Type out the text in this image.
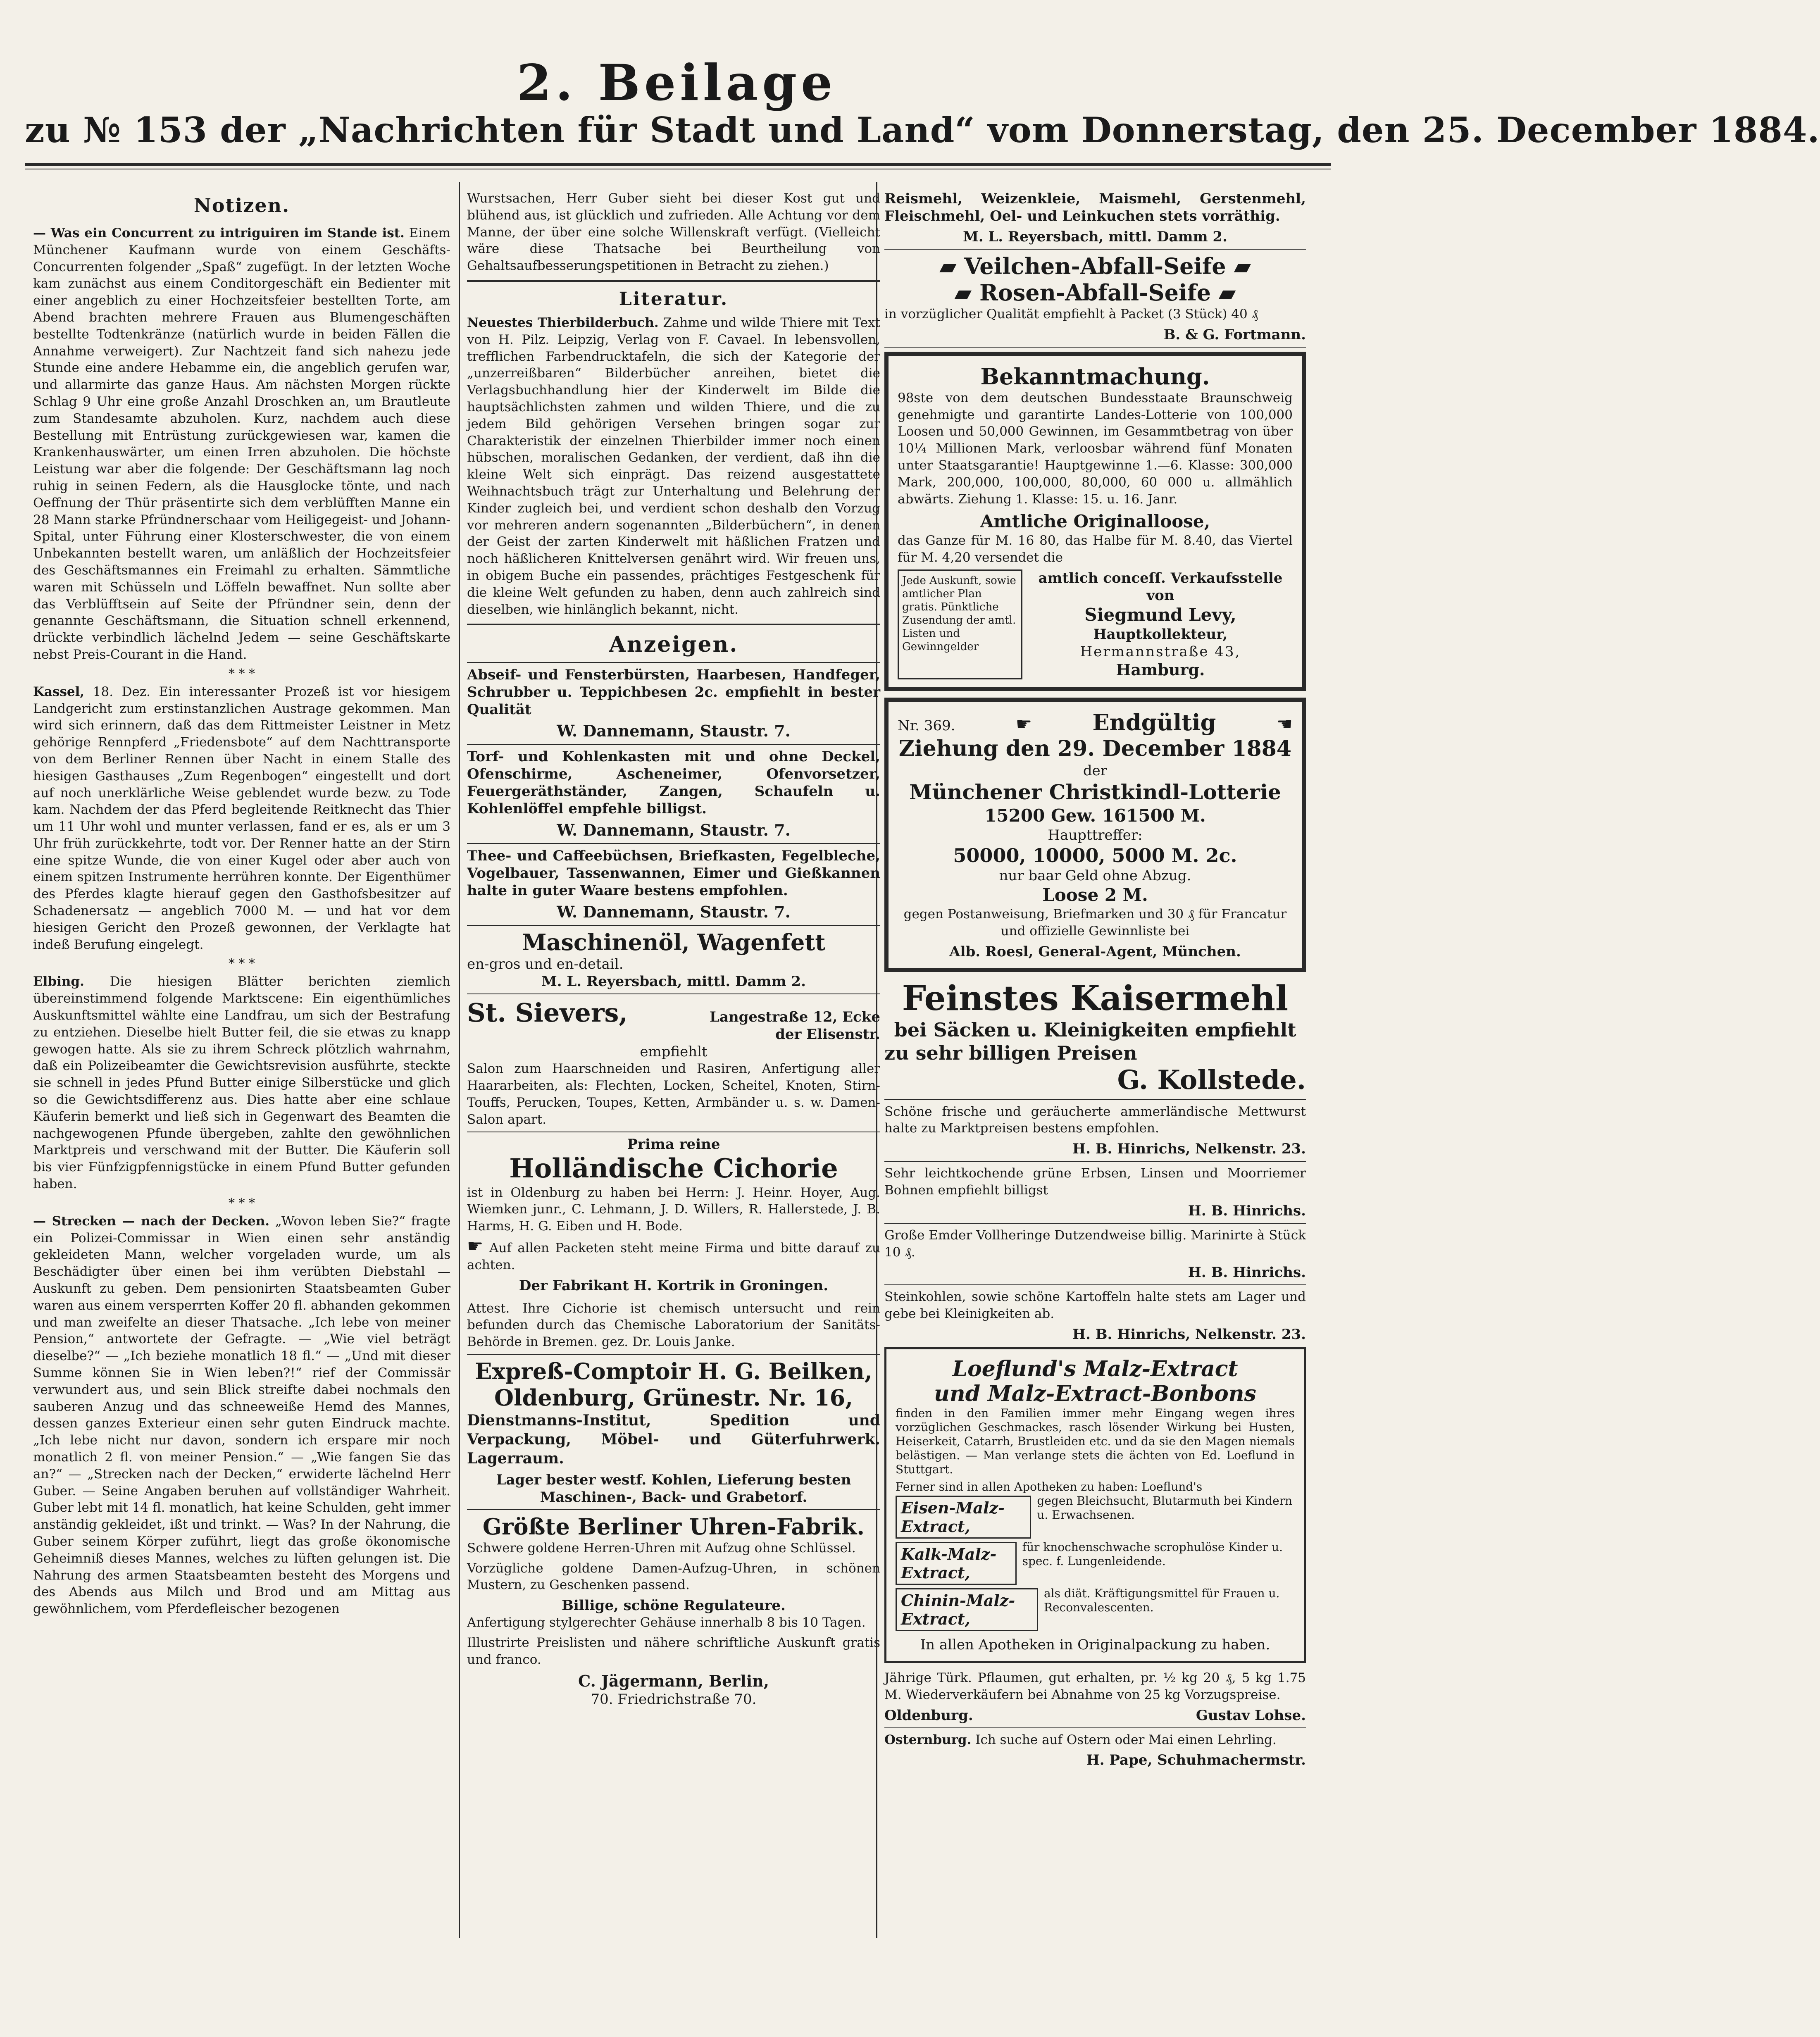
2. Beilage
zu № 153 der „Nachrichten für Stadt und Land“ vom Donnerstag, den 25. December 1884.
Notizen.

— Was ein Concurrent zu intriguiren im Stande ist. Einem Münchener Kaufmann wurde von einem Geschäfts-Concurrenten folgender „Spaß“ zugefügt. In der letzten Woche kam zunächst aus einem Conditorgeschäft ein Bedienter mit einer angeblich zu einer Hochzeitsfeier bestellten Torte, am Abend brachten mehrere Frauen aus Blumengeschäften bestellte Todtenkränze (natürlich wurde in beiden Fällen die Annahme verweigert). Zur Nachtzeit fand sich nahezu jede Stunde eine andere Hebamme ein, die angeblich gerufen war, und allarmirte das ganze Haus. Am nächsten Morgen rückte Schlag 9 Uhr eine große Anzahl Droschken an, um Brautleute zum Standesamte abzuholen. Kurz, nachdem auch diese Bestellung mit Entrüstung zurückgewiesen war, kamen die Krankenhauswärter, um einen Irren abzuholen. Die höchste Leistung war aber die folgende: Der Geschäftsmann lag noch ruhig in seinen Federn, als die Hausglocke tönte, und nach Oeffnung der Thür präsentirte sich dem verblüfften Manne ein 28 Mann starke Pfründnerschaar vom Heiligegeist- und Johann-Spital, unter Führung einer Klosterschwester, die von einem Unbekannten bestellt waren, um anläßlich der Hochzeitsfeier des Geschäftsmannes ein Freimahl zu erhalten. Sämmtliche waren mit Schüsseln und Löffeln bewaffnet. Nun sollte aber das Verblüfftsein auf Seite der Pfründner sein, denn der genannte Geschäftsmann, die Situation schnell erkennend, drückte verbindlich lächelnd Jedem — seine Geschäftskarte nebst Preis-Courant in die Hand.

* * *

Kassel, 18. Dez. Ein interessanter Prozeß ist vor hiesigem Landgericht zum erstinstanzlichen Austrage gekommen. Man wird sich erinnern, daß das dem Rittmeister Leistner in Metz gehörige Rennpferd „Friedensbote“ auf dem Nachttransporte von dem Berliner Rennen über Nacht in einem Stalle des hiesigen Gasthauses „Zum Regenbogen“ eingestellt und dort auf noch unerklärliche Weise geblendet wurde bezw. zu Tode kam. Nachdem der das Pferd begleitende Reitknecht das Thier um 11 Uhr wohl und munter verlassen, fand er es, als er um 3 Uhr früh zurückkehrte, todt vor. Der Renner hatte an der Stirn eine spitze Wunde, die von einer Kugel oder aber auch von einem spitzen Instrumente herrühren konnte. Der Eigenthümer des Pferdes klagte hierauf gegen den Gasthofsbesitzer auf Schadenersatz — angeblich 7000 M. — und hat vor dem hiesigen Gericht den Prozeß gewonnen, der Verklagte hat indeß Berufung eingelegt.

* * *

Elbing. Die hiesigen Blätter berichten ziemlich übereinstimmend folgende Marktscene: Ein eigenthümliches Auskunftsmittel wählte eine Landfrau, um sich der Bestrafung zu entziehen. Dieselbe hielt Butter feil, die sie etwas zu knapp gewogen hatte. Als sie zu ihrem Schreck plötzlich wahrnahm, daß ein Polizeibeamter die Gewichtsrevision ausführte, steckte sie schnell in jedes Pfund Butter einige Silberstücke und glich so die Gewichtsdifferenz aus. Dies hatte aber eine schlaue Käuferin bemerkt und ließ sich in Gegenwart des Beamten die nachgewogenen Pfunde übergeben, zahlte den gewöhnlichen Marktpreis und verschwand mit der Butter. Die Käuferin soll bis vier Fünfzigpfennigstücke in einem Pfund Butter gefunden haben.

* * *

— Strecken — nach der Decken. „Wovon leben Sie?“ fragte ein Polizei-Commissar in Wien einen sehr anständig gekleideten Mann, welcher vorgeladen wurde, um als Beschädigter über einen bei ihm verübten Diebstahl — Auskunft zu geben. Dem pensionirten Staatsbeamten Guber waren aus einem versperrten Koffer 20 fl. abhanden gekommen und man zweifelte an dieser Thatsache. „Ich lebe von meiner Pension,“ antwortete der Gefragte. — „Wie viel beträgt dieselbe?“ — „Ich beziehe monatlich 18 fl.“ — „Und mit dieser Summe können Sie in Wien leben?!“ rief der Commissär verwundert aus, und sein Blick streifte dabei nochmals den sauberen Anzug und das schneeweiße Hemd des Mannes, dessen ganzes Exterieur einen sehr guten Eindruck machte. „Ich lebe nicht nur davon, sondern ich erspare mir noch monatlich 2 fl. von meiner Pension.“ — „Wie fangen Sie das an?“ — „Strecken nach der Decken,“ erwiderte lächelnd Herr Guber. — Seine Angaben beruhen auf vollständiger Wahrheit. Guber lebt mit 14 fl. monatlich, hat keine Schulden, geht immer anständig gekleidet, ißt und trinkt. — Was? In der Nahrung, die Guber seinem Körper zuführt, liegt das große ökonomische Geheimniß dieses Mannes, welches zu lüften gelungen ist. Die Nahrung des armen Staatsbeamten besteht des Morgens und des Abends aus Milch und Brod und am Mittag aus gewöhnlichem, vom Pferdefleischer bezogenen

Wurstsachen, Herr Guber sieht bei dieser Kost gut und blühend aus, ist glücklich und zufrieden. Alle Achtung vor dem Manne, der über eine solche Willenskraft verfügt. (Vielleicht wäre diese Thatsache bei Beurtheilung von Gehaltsaufbesserungspetitionen in Betracht zu ziehen.)

Literatur.

Neuestes Thierbilderbuch. Zahme und wilde Thiere mit Text von H. Pilz. Leipzig, Verlag von F. Cavael. In lebensvollen, trefflichen Farbendrucktafeln, die sich der Kategorie der „unzerreißbaren“ Bilderbücher anreihen, bietet die Verlagsbuchhandlung hier der Kinderwelt im Bilde die hauptsächlichsten zahmen und wilden Thiere, und die zu jedem Bild gehörigen Versehen bringen sogar zur Charakteristik der einzelnen Thierbilder immer noch einen hübschen, moralischen Gedanken, der verdient, daß ihn die kleine Welt sich einprägt. Das reizend ausgestattete Weihnachtsbuch trägt zur Unterhaltung und Belehrung der Kinder zugleich bei, und verdient schon deshalb den Vorzug vor mehreren andern sogenannten „Bilderbüchern“, in denen der Geist der zarten Kinderwelt mit häßlichen Fratzen und noch häßlicheren Knittelversen genährt wird. Wir freuen uns, in obigem Buche ein passendes, prächtiges Festgeschenk für die kleine Welt gefunden zu haben, denn auch zahlreich sind dieselben, wie hinlänglich bekannt, nicht.

Anzeigen.

Abseif- und Fensterbürsten, Haarbesen, Handfeger, Schrubber u. Teppichbesen 2c. empfiehlt in bester Qualität

W. Dannemann, Staustr. 7.

Torf- und Kohlenkasten mit und ohne Deckel, Ofenschirme, Ascheneimer, Ofenvorsetzer, Feuergeräthständer, Zangen, Schaufeln u. Kohlenlöffel empfehle billigst.

W. Dannemann, Staustr. 7.

Thee- und Caffeebüchsen, Briefkasten, Fegelbleche, Vogelbauer, Tassenwannen, Eimer und Gießkannen halte in guter Waare bestens empfohlen.

W. Dannemann, Staustr. 7.
Maschinenöl, Wagenfett
en-gros und en-detail.
M. L. Reyersbach, mittl. Damm 2.
St. Sievers,	Langestraße 12, Ecke der Elisenstr.
empfiehlt

Salon zum Haarschneiden und Rasiren, Anfertigung aller Haararbeiten, als: Flechten, Locken, Scheitel, Knoten, Stirn-Touffs, Perucken, Toupes, Ketten, Armbänder u. s. w. Damen-Salon apart.

Prima reine
Holländische Cichorie

ist in Oldenburg zu haben bei Herrn: J. Heinr. Hoyer, Aug. Wiemken junr., C. Lehmann, J. D. Willers, R. Hallerstede, J. B. Harms, H. G. Eiben und H. Bode.

☛ Auf allen Packeten steht meine Firma und bitte darauf zu achten.

Der Fabrikant H. Kortrik in Groningen.

Attest. Ihre Cichorie ist chemisch untersucht und rein befunden durch das Chemische Laboratorium der Sanitäts-Behörde in Bremen. gez. Dr. Louis Janke.

Expreß-Comptoir H. G. Beilken,
Oldenburg, Grünestr. Nr. 16,

Dienstmanns-Institut, Spedition und Verpackung, Möbel- und Güterfuhrwerk. Lagerraum.

Lager bester westf. Kohlen, Lieferung besten Maschinen-, Back- und Grabetorf.

Größte Berliner Uhren-Fabrik.

Schwere goldene Herren-Uhren mit Aufzug ohne Schlüssel.

Vorzügliche goldene Damen-Aufzug-Uhren, in schönen Mustern, zu Geschenken passend.

Billige, schöne Regulateure.

Anfertigung stylgerechter Gehäuse innerhalb 8 bis 10 Tagen.

Illustrirte Preislisten und nähere schriftliche Auskunft gratis und franco.

C. Jägermann, Berlin,
70. Friedrichstraße 70.

Reismehl, Weizenkleie, Maismehl, Gerstenmehl, Fleischmehl, Oel- und Leinkuchen stets vorräthig.

M. L. Reyersbach, mittl. Damm 2.
▰ Veilchen-Abfall-Seife ▰
▰ Rosen-Abfall-Seife ▰

in vorzüglicher Qualität empfiehlt à Packet (3 Stück) 40 ₰

B. & G. Fortmann.
Bekanntmachung.

98ste von dem deutschen Bundesstaate Braunschweig genehmigte und garantirte Landes-Lotterie von 100,000 Loosen und 50,000 Gewinnen, im Gesammtbetrag von über 10¼ Millionen Mark, verloosbar während fünf Monaten unter Staatsgarantie! Hauptgewinne 1.—6. Klasse: 300,000 Mark, 200,000, 100,000, 80,000, 60 000 u. allmählich abwärts. Ziehung 1. Klasse: 15. u. 16. Janr.

Amtliche Originalloose,

das Ganze für M. 16 80, das Halbe für M. 8.40, das Viertel für M. 4,20 versendet die

Jede Auskunft, sowie amtlicher Plan gratis. Pünktliche Zusendung der amtl. Listen und Gewinngelder
amtlich conceſſ. Verkaufsstelle von
Siegmund Levy,
Hauptkollekteur,
Hermannstraße 43,
Hamburg.
Nr. 369.	☛	Endgültig	☚
Ziehung den 29. December 1884
der
Münchener Christkindl-Lotterie
15200 Gew. 161500 M.
Haupttreffer:
50000, 10000, 5000 M. 2c.
nur baar Geld ohne Abzug.
Loose 2 M.

gegen Postanweisung, Briefmarken und 30 ₰ für Francatur und offizielle Gewinnliste bei

Alb. Roesl, General-Agent, München.
Feinstes Kaisermehl
bei Säcken u. Kleinigkeiten empfiehlt
zu sehr billigen Preisen
G. Kollstede.

Schöne frische und geräucherte ammerländische Mettwurst halte zu Marktpreisen bestens empfohlen.

H. B. Hinrichs, Nelkenstr. 23.

Sehr leichtkochende grüne Erbsen, Linsen und Moorriemer Bohnen empfiehlt billigst

H. B. Hinrichs.

Große Emder Vollheringe Dutzendweise billig. Marinirte à Stück 10 ₰.

H. B. Hinrichs.

Steinkohlen, sowie schöne Kartoffeln halte stets am Lager und gebe bei Kleinigkeiten ab.

H. B. Hinrichs, Nelkenstr. 23.
Loeflund's Malz-Extract
und Malz-Extract-Bonbons

finden in den Familien immer mehr Eingang wegen ihres vorzüglichen Geschmackes, rasch lösender Wirkung bei Husten, Heiserkeit, Catarrh, Brustleiden etc. und da sie den Magen niemals belästigen. — Man verlange stets die ächten von Ed. Loeflund in Stuttgart.

Ferner sind in allen Apotheken zu haben: Loeflund's
Eisen-Malz-Extract,
gegen Bleichsucht, Blutarmuth bei Kindern u. Erwachsenen.
Kalk-Malz-Extract,
für knochenschwache scrophulöse Kinder u. spec. f. Lungenleidende.
Chinin-Malz-Extract,
als diät. Kräftigungsmittel für Frauen u. Reconvalescenten.
In allen Apotheken in Originalpackung zu haben.

Jährige Türk. Pflaumen, gut erhalten, pr. ½ kg 20 ₰, 5 kg 1.75 M. Wiederverkäufern bei Abnahme von 25 kg Vorzugspreise.

Oldenburg.	Gustav Lohse.

Osternburg. Ich suche auf Ostern oder Mai einen Lehrling.

H. Pape, Schuhmachermstr.
